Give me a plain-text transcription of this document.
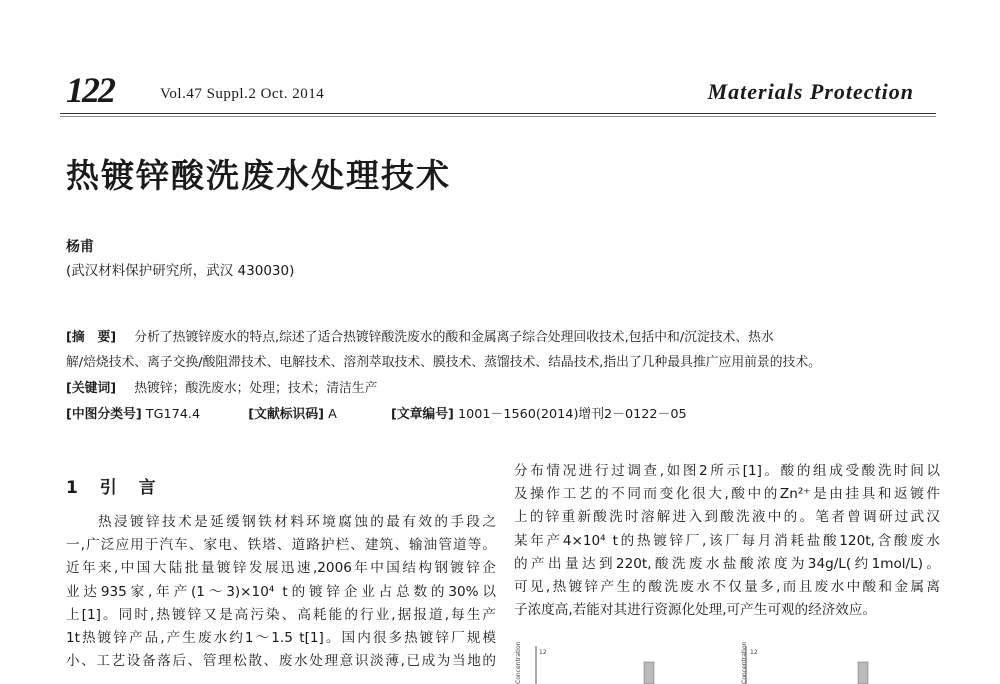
122	Vol.47 Suppl.2 Oct. 2014	Materials Protection
热镀锌酸洗废水处理技术
杨甫
(武汉材料保护研究所，武汉 430030)
[摘　要] 分析了热镀锌废水的特点,综述了适合热镀锌酸洗废水的酸和金属离子综合处理回收技术,包括中和/沉淀技术、热水
解/焙烧技术、离子交换/酸阻滞技术、电解技术、溶剂萃取技术、膜技术、蒸馏技术、结晶技术,指出了几种最具推广应用前景的技术。
[关键词] 热镀锌；酸洗废水；处理；技术；清洁生产
[中图分类号] TG174.4	[文献标识码] A	[文章编号] 1001－1560(2014)增刊2－0122－05
1 引 言
　　热浸镀锌技术是延缓钢铁材料环境腐蚀的最有效的手段之
一,广泛应用于汽车、家电、铁塔、道路护栏、建筑、输油管道等。
近年来,中国大陆批量镀锌发展迅速,2006年中国结构钢镀锌企
业达935家,年产(1～3)×10⁴ t的镀锌企业占总数的30%以
上[1]。同时,热镀锌又是高污染、高耗能的行业,据报道,每生产
1t热镀锌产品,产生废水约1～1.5 t[1]。国内很多热镀锌厂规模
小、工艺设备落后、管理松散、废水处理意识淡薄,已成为当地的
分布情况进行过调查,如图2所示[1]。酸的组成受酸洗时间以
及操作工艺的不同而变化很大,酸中的Zn²⁺是由挂具和返镀件
上的锌重新酸洗时溶解进入到酸洗液中的。笔者曾调研过武汉
某年产4×10⁴ t的热镀锌厂,该厂每月消耗盐酸120t,含酸废水
的产出量达到220t,酸洗废水盐酸浓度为34g/L(约1mol/L)。
可见,热镀锌产生的酸洗废水不仅量多,而且废水中酸和金属离
子浓度高,若能对其进行资源化处理,可产生可观的经济效应。
Concentration	12	Concentration 12
